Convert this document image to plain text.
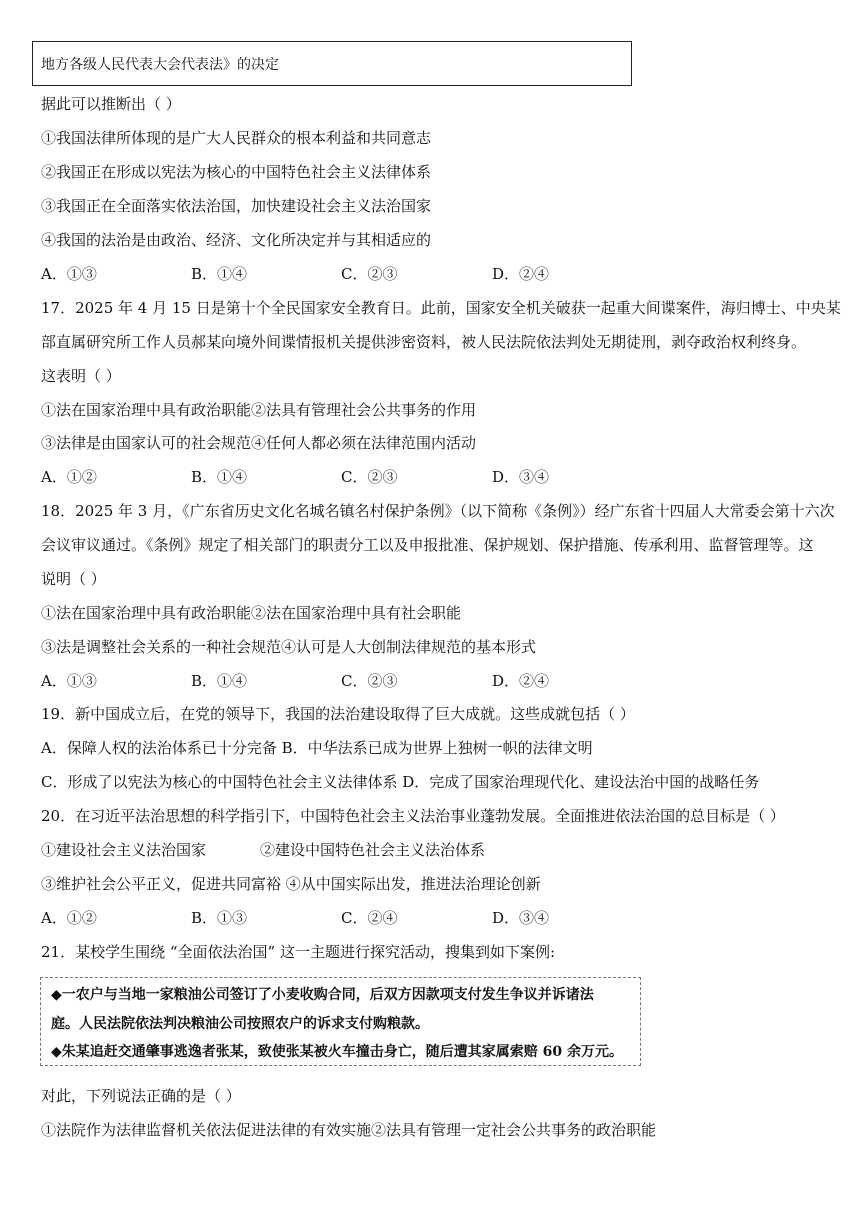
地方各级人民代表大会代表法》的决定
据此可以推断出（ ）
①我国法律所体现的是广大人民群众的根本利益和共同意志
②我国正在形成以宪法为核心的中国特色社会主义法律体系
③我国正在全面落实依法治国，加快建设社会主义法治国家
④我国的法治是由政治、经济、文化所决定并与其相适应的
A．①③	B．①④	C．②③	D．②④
17．2025 年 4 月 15 日是第十个全民国家安全教育日。此前，国家安全机关破获一起重大间谍案件，海归博士、中央某
部直属研究所工作人员郝某向境外间谍情报机关提供涉密资料，被人民法院依法判处无期徒刑，剥夺政治权利终身。
这表明（ ）
①法在国家治理中具有政治职能②法具有管理社会公共事务的作用
③法律是由国家认可的社会规范④任何人都必须在法律范围内活动
A．①②	B．①④	C．②③	D．③④
18．2025 年 3 月，《广东省历史文化名城名镇名村保护条例》（以下简称《条例》）经广东省十四届人大常委会第十六次
会议审议通过。《条例》规定了相关部门的职责分工以及申报批准、保护规划、保护措施、传承利用、监督管理等。这
说明（ ）
①法在国家治理中具有政治职能②法在国家治理中具有社会职能
③法是调整社会关系的一种社会规范④认可是人大创制法律规范的基本形式
A．①③	B．①④	C．②③	D．②④
19．新中国成立后，在党的领导下，我国的法治建设取得了巨大成就。这些成就包括（ ）
A．保障人权的法治体系已十分完备 B．中华法系已成为世界上独树一帜的法律文明
C．形成了以宪法为核心的中国特色社会主义法律体系 D．完成了国家治理现代化、建设法治中国的战略任务
20．在习近平法治思想的科学指引下，中国特色社会主义法治事业蓬勃发展。全面推进依法治国的总目标是（ ）
①建设社会主义法治国家	②建设中国特色社会主义法治体系
③维护社会公平正义，促进共同富裕 ④从中国实际出发，推进法治理论创新
A．①②	B．①③	C．②④	D．③④
21．某校学生围绕 “全面依法治国” 这一主题进行探究活动，搜集到如下案例:
◆一农户与当地一家粮油公司签订了小麦收购合同，后双方因款项支付发生争议并诉诸法
庭。人民法院依法判决粮油公司按照农户的诉求支付购粮款。
◆朱某追赶交通肇事逃逸者张某，致使张某被火车撞击身亡，随后遭其家属索赔 60 余万元。
对此，下列说法正确的是（ ）
①法院作为法律监督机关依法促进法律的有效实施②法具有管理一定社会公共事务的政治职能
